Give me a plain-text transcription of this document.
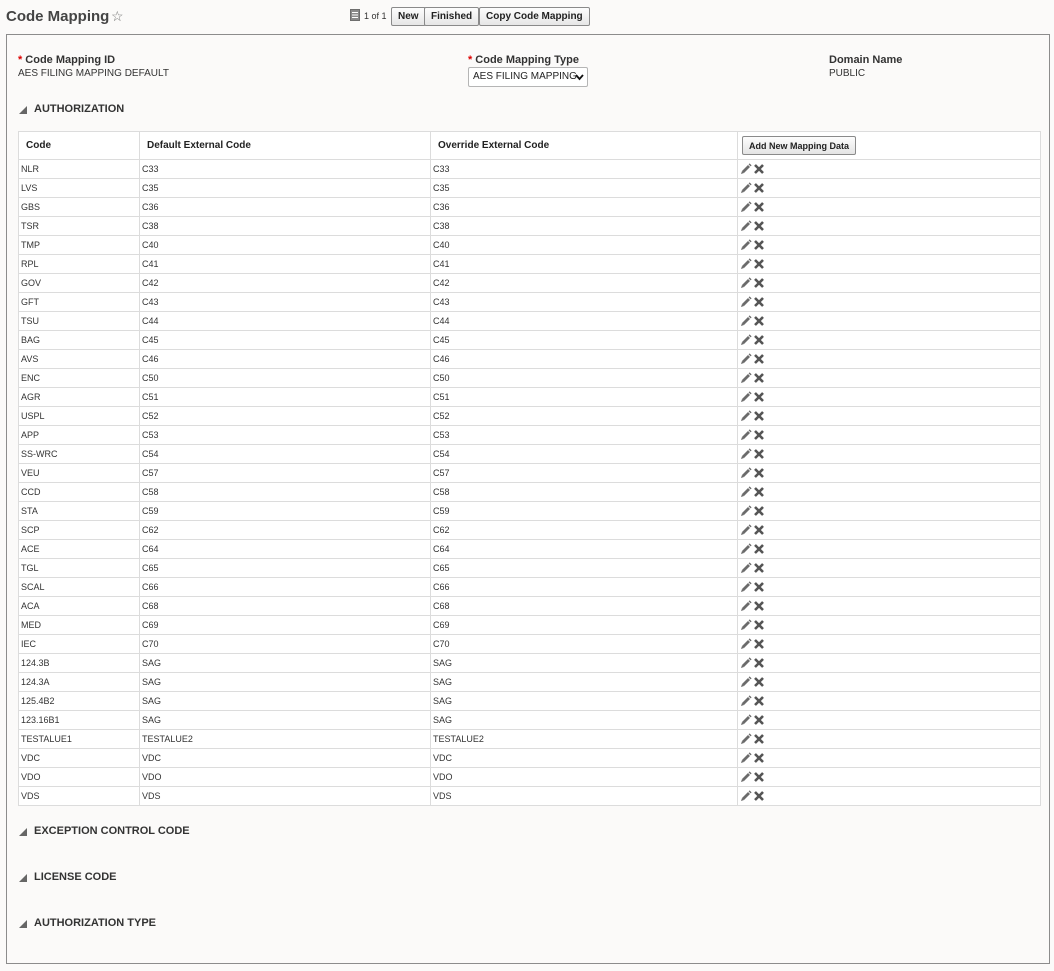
Code Mapping ☆	1 of 1	New	Finished	Copy Code Mapping
* Code Mapping ID
AES FILING MAPPING DEFAULT
* Code Mapping Type
AES FILING MAPPING
Domain Name
PUBLIC
AUTHORIZATION
Code	Default External Code	Override External Code	Add New Mapping Data
NLR	C33	C33	
LVS	C35	C35	
GBS	C36	C36	
TSR	C38	C38	
TMP	C40	C40	
RPL	C41	C41	
GOV	C42	C42	
GFT	C43	C43	
TSU	C44	C44	
BAG	C45	C45	
AVS	C46	C46	
ENC	C50	C50	
AGR	C51	C51	
USPL	C52	C52	
APP	C53	C53	
SS-WRC	C54	C54	
VEU	C57	C57	
CCD	C58	C58	
STA	C59	C59	
SCP	C62	C62	
ACE	C64	C64	
TGL	C65	C65	
SCAL	C66	C66	
ACA	C68	C68	
MED	C69	C69	
IEC	C70	C70	
124.3B	SAG	SAG	
124.3A	SAG	SAG	
125.4B2	SAG	SAG	
123.16B1	SAG	SAG	
TESTALUE1	TESTALUE2	TESTALUE2	
VDC	VDC	VDC	
VDO	VDO	VDO	
VDS	VDS	VDS	
EXCEPTION CONTROL CODE
LICENSE CODE
AUTHORIZATION TYPE
